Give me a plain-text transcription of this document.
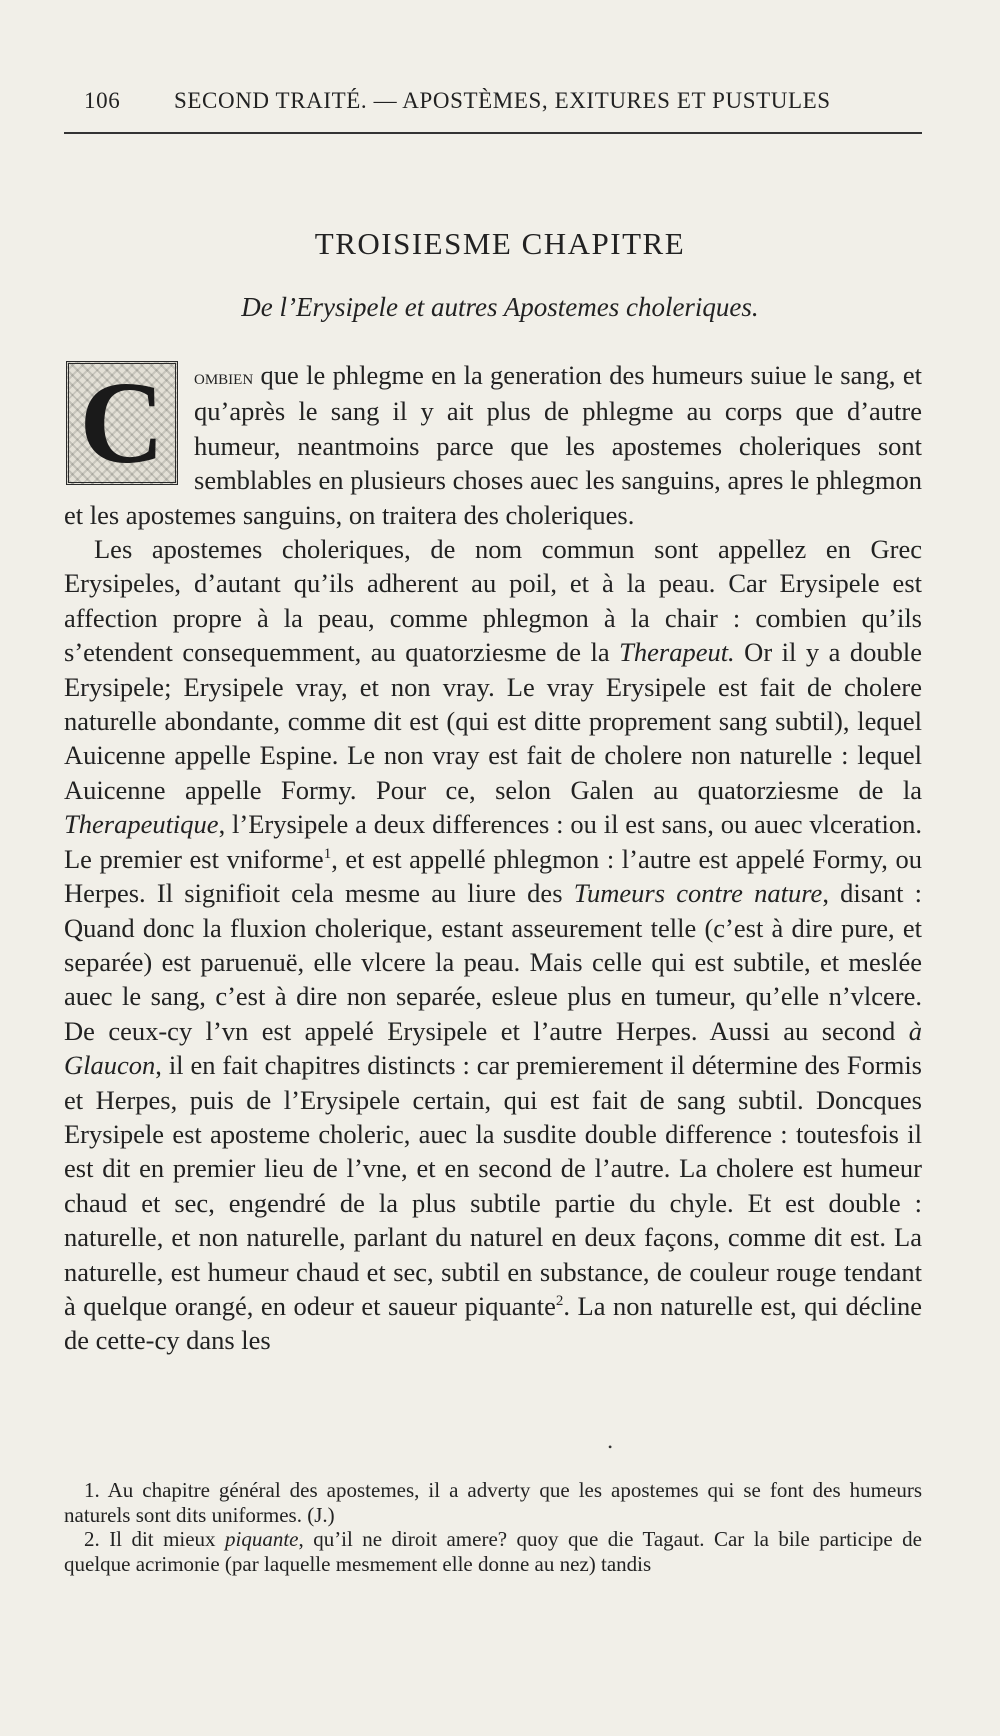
106 SECOND TRAITÉ. — APOSTÈMES, EXITURES ET PUSTULES
TROISIESME CHAPITRE
De l’Erysipele et autres Apostemes choleriques.

C	ombien que le phlegme en la generation des humeurs suiue le sang, et qu’après le sang il y ait plus de phlegme au corps que d’autre humeur, neantmoins parce que les apostemes choleriques sont semblables en plusieurs choses auec les sanguins, apres le phlegmon et les apostemes sanguins, on traitera des choleriques.

Les apostemes choleriques, de nom commun sont appellez en Grec Erysipeles, d’autant qu’ils adherent au poil, et à la peau. Car Erysipele est affection propre à la peau, comme phlegmon à la chair : combien qu’ils s’etendent consequemment, au quatorziesme de la Therapeut. Or il y a double Erysipele; Erysipele vray, et non vray. Le vray Erysipele est fait de cholere naturelle abondante, comme dit est (qui est ditte proprement sang subtil), lequel Auicenne appelle Espine. Le non vray est fait de cholere non naturelle : lequel Auicenne appelle Formy. Pour ce, selon Galen au quatorziesme de la Therapeutique, l’Erysipele a deux differences : ou il est sans, ou auec vlceration. Le premier est vniforme$^1$, et est appellé phlegmon : l’autre est appelé Formy, ou Herpes. Il signifioit cela mesme au liure des Tumeurs contre nature, disant : Quand donc la fluxion cholerique, estant asseurement telle (c’est à dire pure, et separée) est paruenuë, elle vlcere la peau. Mais celle qui est subtile, et meslée auec le sang, c’est à dire non separée, esleue plus en tumeur, qu’elle n’vlcere. De ceux-cy l’vn est appelé Erysipele et l’autre Herpes. Aussi au second à Glaucon, il en fait chapitres distincts : car premierement il détermine des Formis et Herpes, puis de l’Erysipele certain, qui est fait de sang subtil. Doncques Erysipele est aposteme choleric, auec la susdite double difference : toutesfois il est dit en premier lieu de l’vne, et en second de l’autre. La cholere est humeur chaud et sec, engendré de la plus subtile partie du chyle. Et est double : naturelle, et non naturelle, parlant du naturel en deux façons, comme dit est. La naturelle, est humeur chaud et sec, subtil en substance, de couleur rouge tendant à quelque orangé, en odeur et saueur piquante$^2$. La non naturelle est, qui décline de cette-cy dans les

•

1. Au chapitre général des apostemes, il a adverty que les apostemes qui se font des humeurs naturels sont dits uniformes. (J.)

2. Il dit mieux piquante, qu’il ne diroit amere? quoy que die Tagaut. Car la bile participe de quelque acrimonie (par laquelle mesmement elle donne au nez) tandis
